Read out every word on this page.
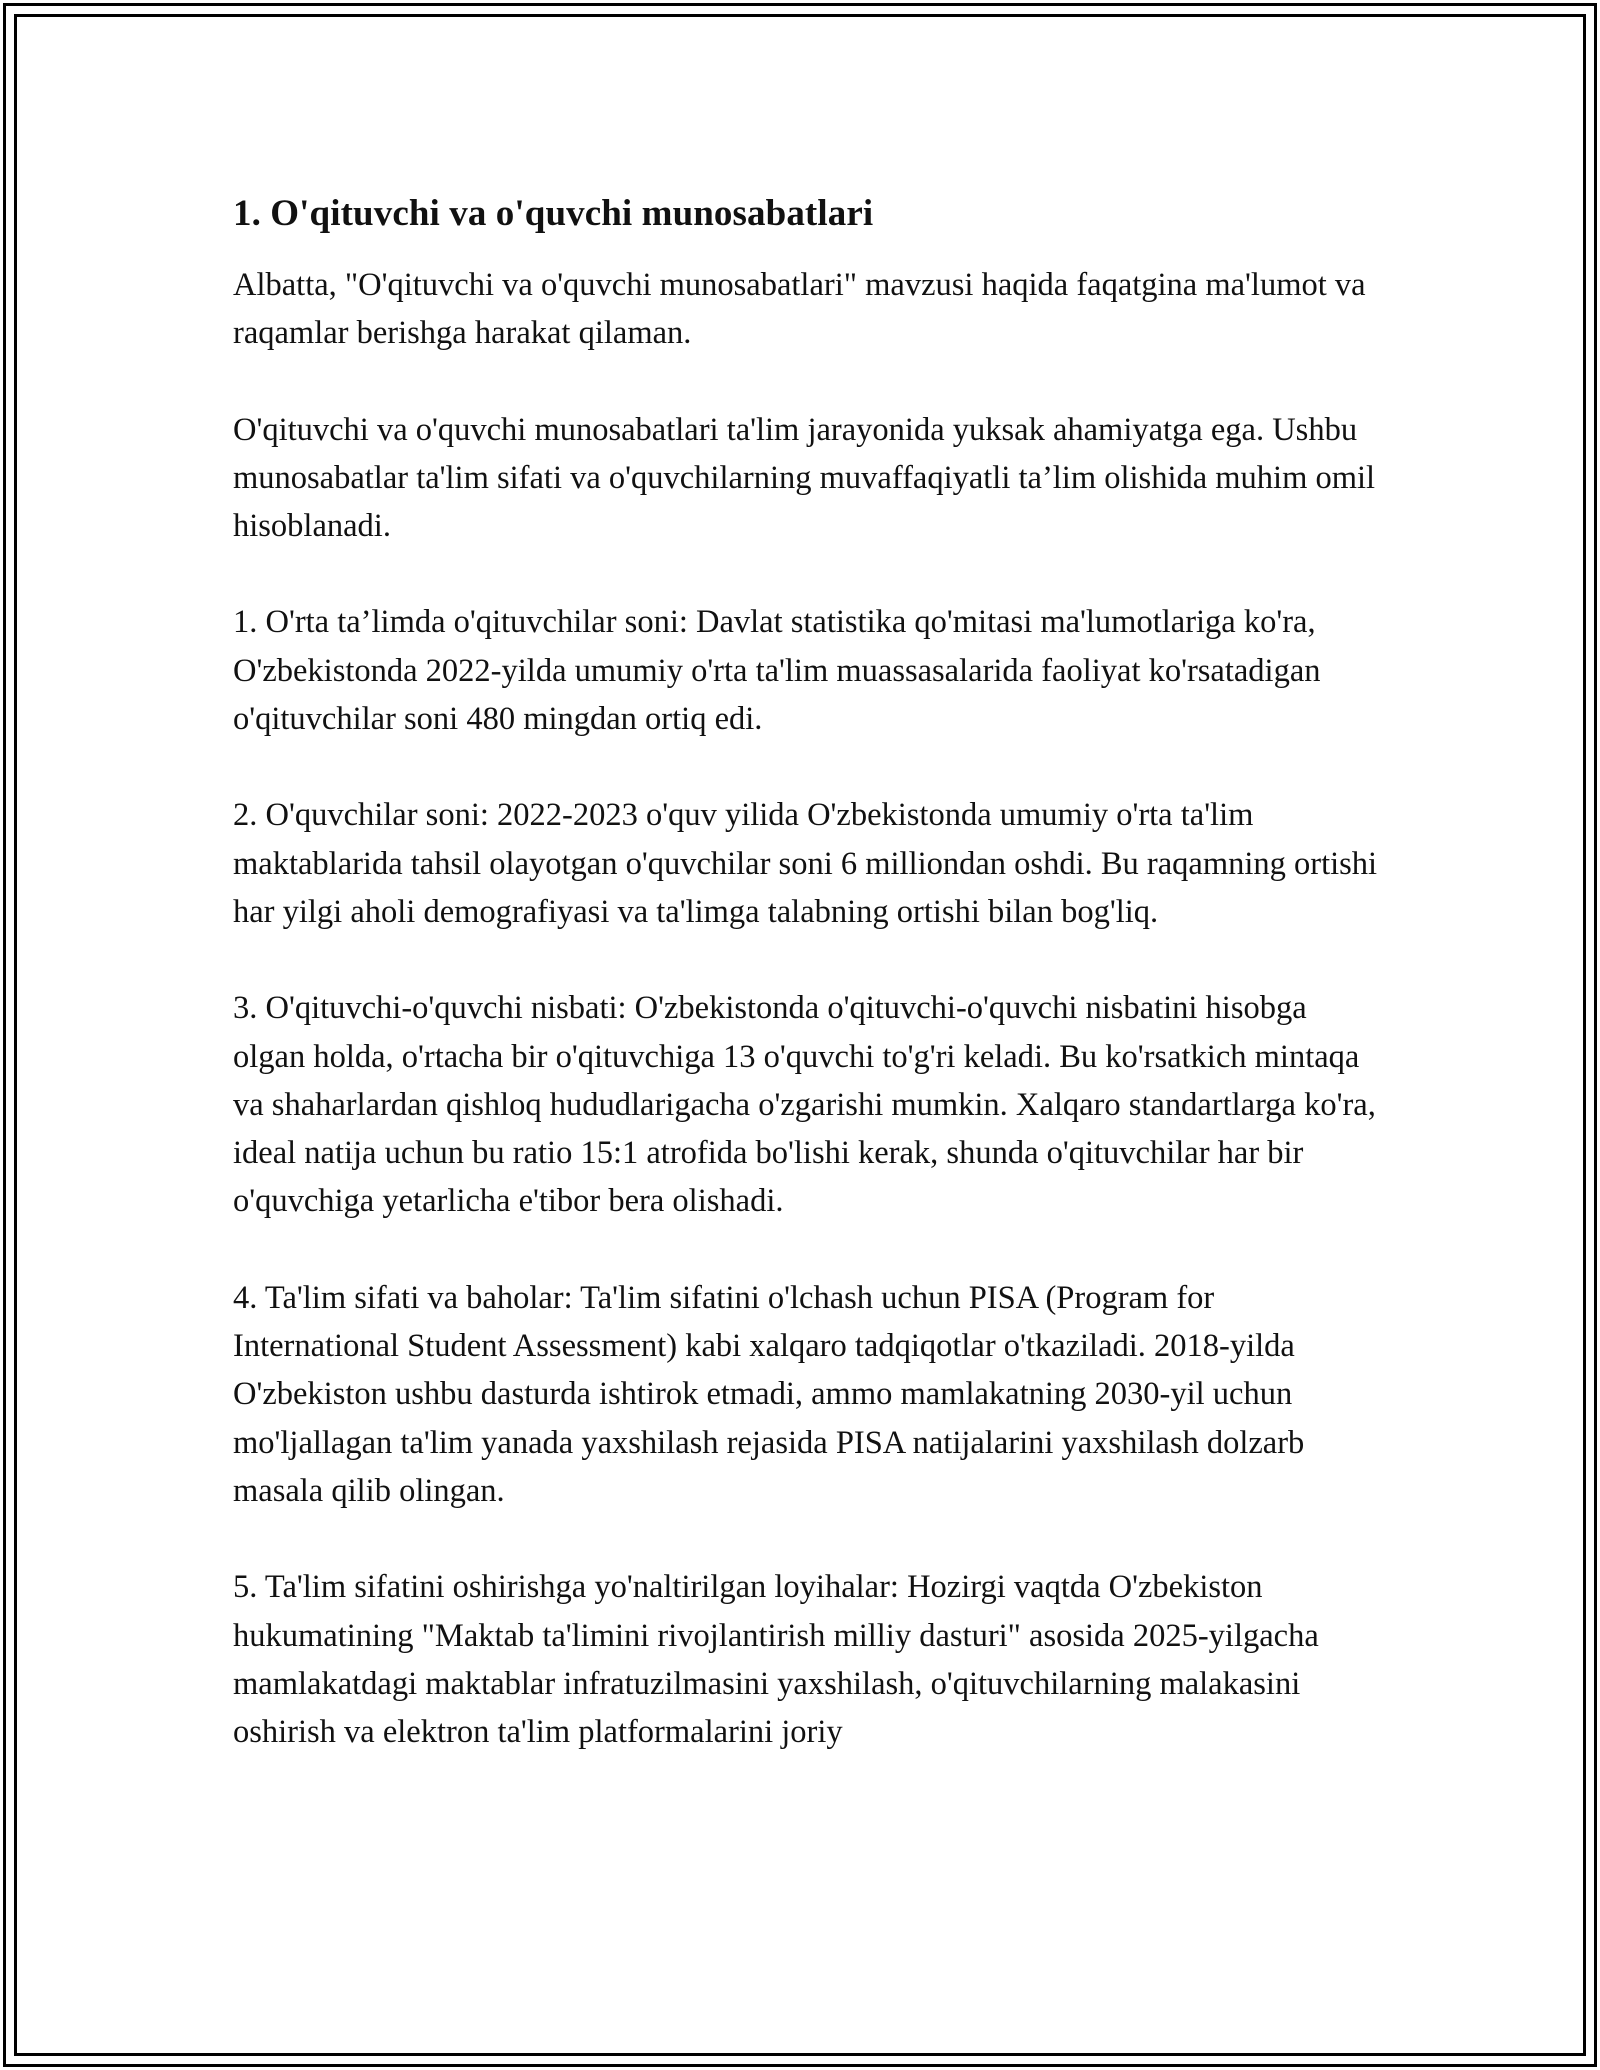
1. O'qituvchi va o'quvchi munosabatlari

Albatta, "O'qituvchi va o'quvchi munosabatlari" mavzusi haqida faqatgina ma'lumot va raqamlar berishga harakat qilaman.

O'qituvchi va o'quvchi munosabatlari ta'lim jarayonida yuksak ahamiyatga ega. Ushbu munosabatlar ta'lim sifati va o'quvchilarning muvaffaqiyatli ta’lim olishida muhim omil hisoblanadi.

1. O'rta ta’limda o'qituvchilar soni: Davlat statistika qo'mitasi ma'lumotlariga ko'ra, O'zbekistonda 2022-yilda umumiy o'rta ta'lim muassasalarida faoliyat ko'rsatadigan o'qituvchilar soni 480 mingdan ortiq edi.

2. O'quvchilar soni: 2022-2023 o'quv yilida O'zbekistonda umumiy o'rta ta'lim maktablarida tahsil olayotgan o'quvchilar soni 6 milliondan oshdi. Bu raqamning ortishi har yilgi aholi demografiyasi va ta'limga talabning ortishi bilan bog'liq.

3. O'qituvchi-o'quvchi nisbati: O'zbekistonda o'qituvchi-o'quvchi nisbatini hisobga olgan holda, o'rtacha bir o'qituvchiga 13 o'quvchi to'g'ri keladi. Bu ko'rsatkich mintaqa va shaharlardan qishloq hududlarigacha o'zgarishi mumkin. Xalqaro standartlarga ko'ra, ideal natija uchun bu ratio 15:1 atrofida bo'lishi kerak, shunda o'qituvchilar har bir o'quvchiga yetarlicha e'tibor bera olishadi.

4. Ta'lim sifati va baholar: Ta'lim sifatini o'lchash uchun PISA (Program for International Student Assessment) kabi xalqaro tadqiqotlar o'tkaziladi. 2018-yilda O'zbekiston ushbu dasturda ishtirok etmadi, ammo mamlakatning 2030-yil uchun mo'ljallagan ta'lim yanada yaxshilash rejasida PISA natijalarini yaxshilash dolzarb masala qilib olingan.

5. Ta'lim sifatini oshirishga yo'naltirilgan loyihalar: Hozirgi vaqtda O'zbekiston hukumatining "Maktab ta'limini rivojlantirish milliy dasturi" asosida 2025-yilgacha mamlakatdagi maktablar infratuzilmasini yaxshilash, o'qituvchilarning malakasini oshirish va elektron ta'lim platformalarini joriy
